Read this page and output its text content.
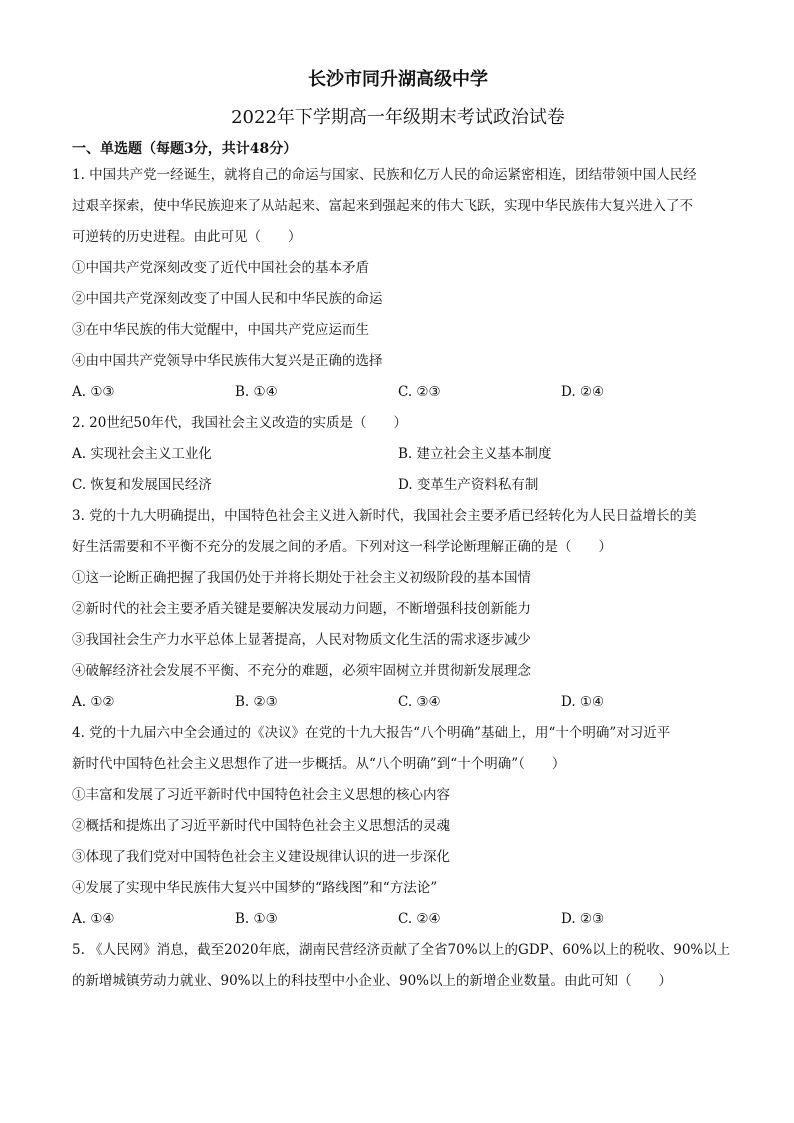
长沙市同升湖高级中学
2022年下学期高一年级期末考试政治试卷
一、单选题（每题3分，共计48分）
1. 中国共产党一经诞生，就将自己的命运与国家、民族和亿万人民的命运紧密相连，团结带领中国人民经
过艰辛探索，使中华民族迎来了从站起来、富起来到强起来的伟大飞跃，实现中华民族伟大复兴进入了不
可逆转的历史进程。由此可见（　　）
①中国共产党深刻改变了近代中国社会的基本矛盾
②中国共产党深刻改变了中国人民和中华民族的命运
③在中华民族的伟大觉醒中，中国共产党应运而生
④由中国共产党领导中华民族伟大复兴是正确的选择
A. ①③	B. ①④	C. ②③	D. ②④
2. 20世纪50年代，我国社会主义改造的实质是（　　）
A. 实现社会主义工业化	B. 建立社会主义基本制度
C. 恢复和发展国民经济	D. 变革生产资料私有制
3. 党的十九大明确提出，中国特色社会主义进入新时代，我国社会主要矛盾已经转化为人民日益增长的美
好生活需要和不平衡不充分的发展之间的矛盾。下列对这一科学论断理解正确的是（　　）
①这一论断正确把握了我国仍处于并将长期处于社会主义初级阶段的基本国情
②新时代的社会主要矛盾关键是要解决发展动力问题，不断增强科技创新能力
③我国社会生产力水平总体上显著提高，人民对物质文化生活的需求逐步减少
④破解经济社会发展不平衡、不充分的难题，必须牢固树立并贯彻新发展理念
A. ①②	B. ②③	C. ③④	D. ①④
4. 党的十九届六中全会通过的《决议》在党的十九大报告“八个明确”基础上，用“十个明确”对习近平
新时代中国特色社会主义思想作了进一步概括。从“八个明确”到“十个明确”（　　）
①丰富和发展了习近平新时代中国特色社会主义思想的核心内容
②概括和提炼出了习近平新时代中国特色社会主义思想活的灵魂
③体现了我们党对中国特色社会主义建设规律认识的进一步深化
④发展了实现中华民族伟大复兴中国梦的“路线图”和“方法论”
A. ①④	B. ①③	C. ②④	D. ②③
5. 《人民网》消息，截至2020年底，湖南民营经济贡献了全省70%以上的GDP、60%以上的税收、90%以上
的新增城镇劳动力就业、90%以上的科技型中小企业、90%以上的新增企业数量。由此可知（　　）
